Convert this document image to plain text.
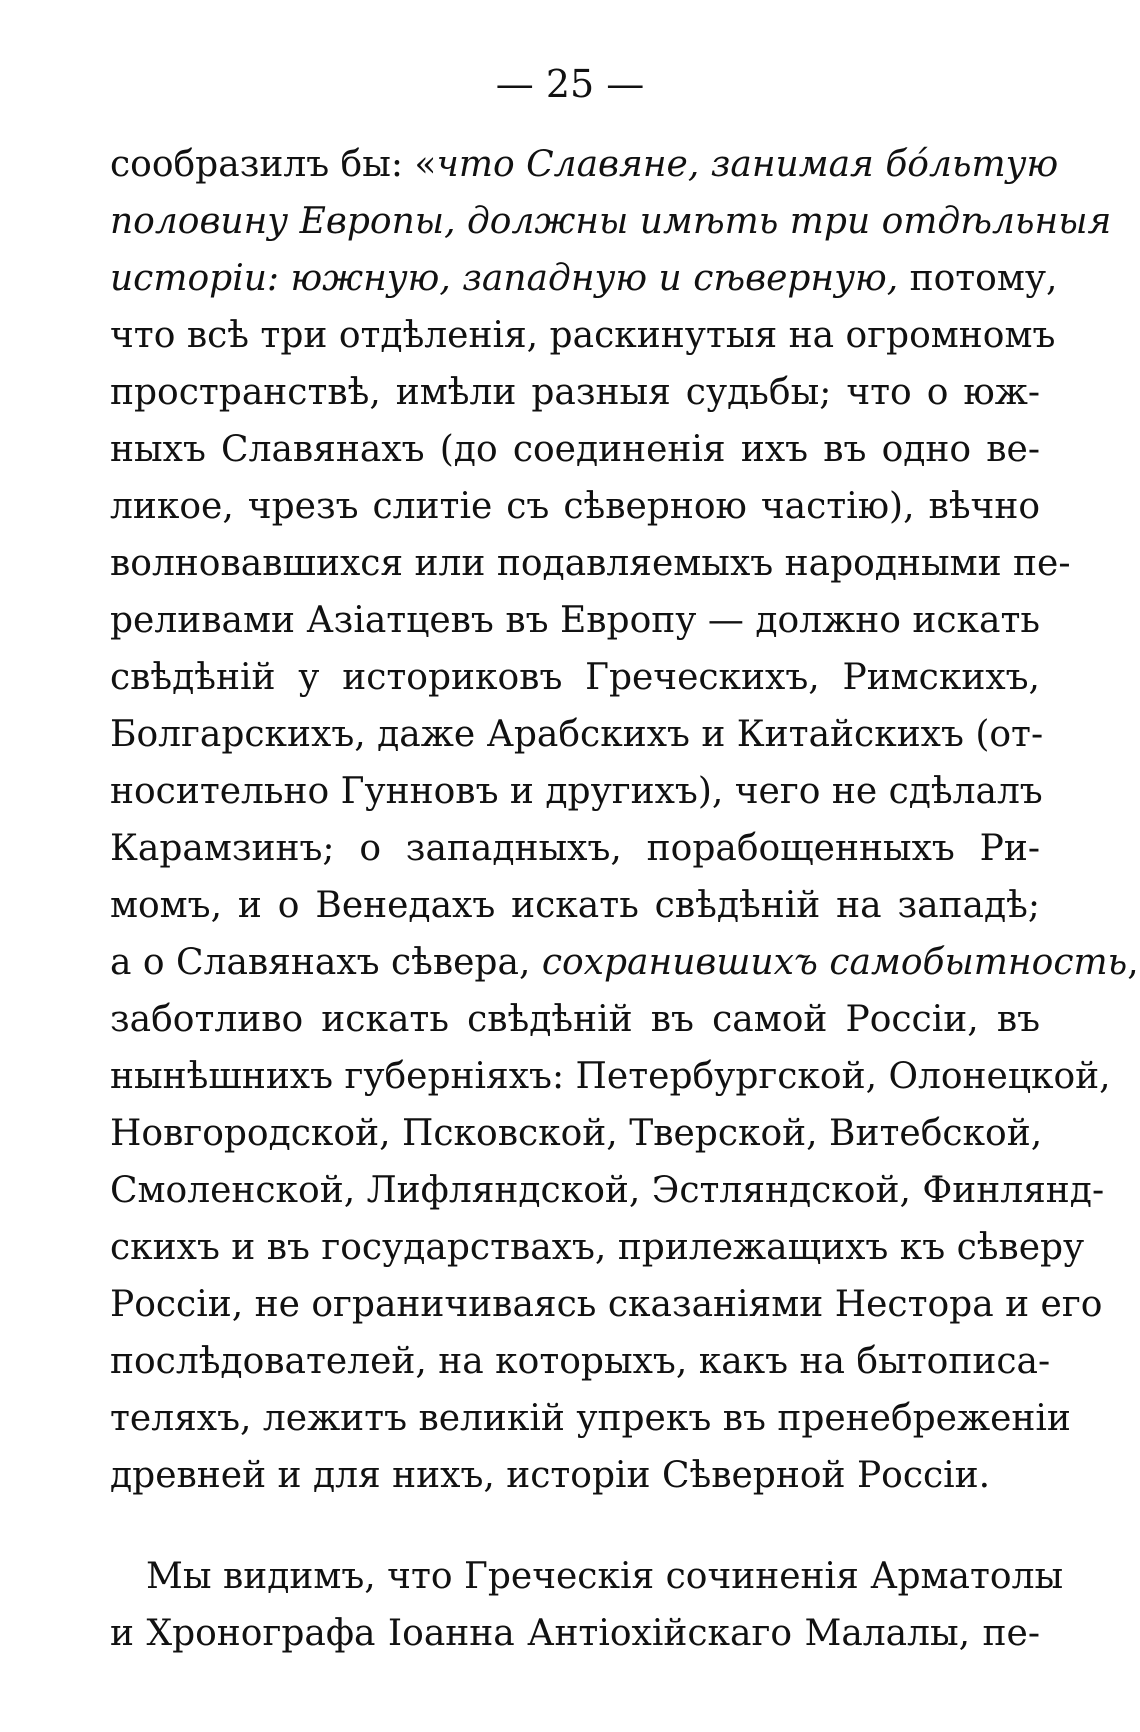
— 25 —
сообразилъ бы: «что Славяне, занимая бóльтую
половину Европы, должны имѣть три отдѣльныя
исторіи: южную, западную и сѣверную, потому,
что всѣ три отдѣленія, раскинутыя на огромномъ
пространствѣ, имѣли разныя судьбы; что о юж-
ныхъ Славянахъ (до соединенія ихъ въ одно ве-
ликое, чрезъ слитіе съ сѣверною частію), вѣчно
волновавшихся или подавляемыхъ народными пе-
реливами Азіатцевъ въ Европу — должно искать
свѣдѣній у историковъ Греческихъ, Римскихъ,
Болгарскихъ, даже Арабскихъ и Китайскихъ (от-
носительно Гунновъ и другихъ), чего не сдѣлалъ
Карамзинъ; о западныхъ, порабощенныхъ Ри-
момъ, и о Венедахъ искать свѣдѣній на западѣ;
а о Славянахъ сѣвера, сохранившихъ самобытность,
заботливо искать свѣдѣній въ самой Россіи, въ
нынѣшнихъ губерніяхъ: Петербургской, Олонецкой,
Новгородской, Псковской, Тверской, Витебской,
Смоленской, Лифляндской, Эстляндской, Финлянд-
скихъ и въ государствахъ, прилежащихъ къ сѣверу
Россіи, не ограничиваясь сказаніями Нестора и его
послѣдователей, на которыхъ, какъ на бытописа-
теляхъ, лежитъ великій упрекъ въ пренебреженіи
древней и для нихъ, исторіи Сѣверной Россіи.
Мы видимъ, что Греческія сочиненія Арматолы
и Хронографа Іоанна Антіохійскаго Малалы, пе-
